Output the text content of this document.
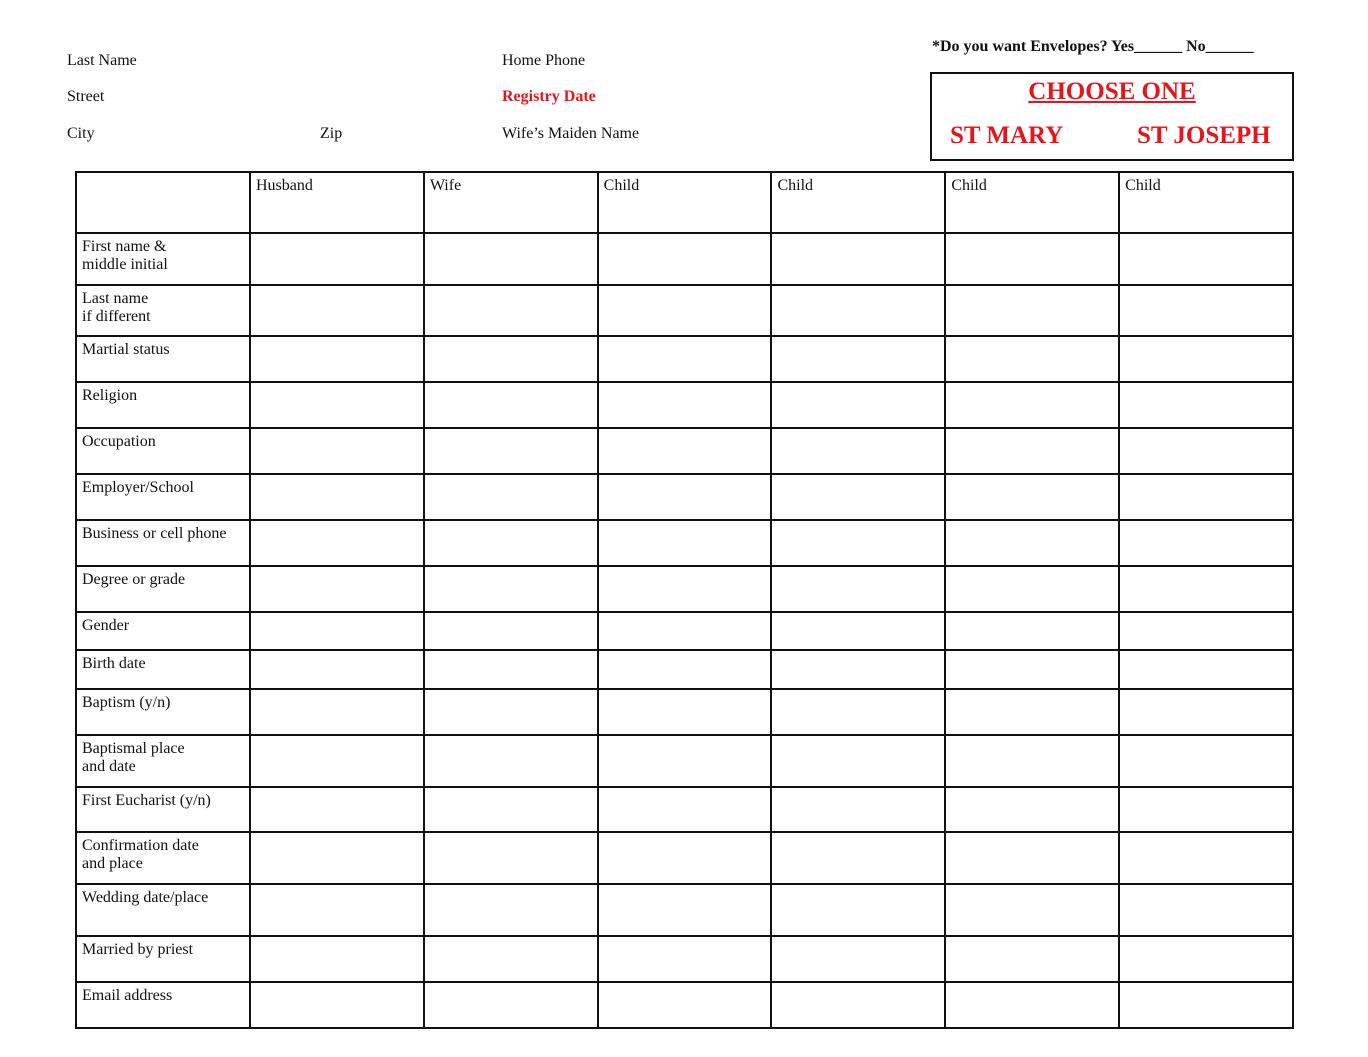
Last Name
Street
City	Zip
Home Phone
Registry Date
Wife’s Maiden Name
*Do you want Envelopes? Yes______ No______
CHOOSE ONE
ST MARY	ST JOSEPH
	Husband	Wife	Child	Child	Child	Child
First name &
middle initial						
Last name
if different						
Martial status						
Religion						
Occupation						
Employer/School						
Business or cell phone						
Degree or grade						
Gender						
Birth date						
Baptism (y/n)						
Baptismal place
and date						
First Eucharist (y/n)						
Confirmation date
and place						
Wedding date/place						
Married by priest						
Email address						
